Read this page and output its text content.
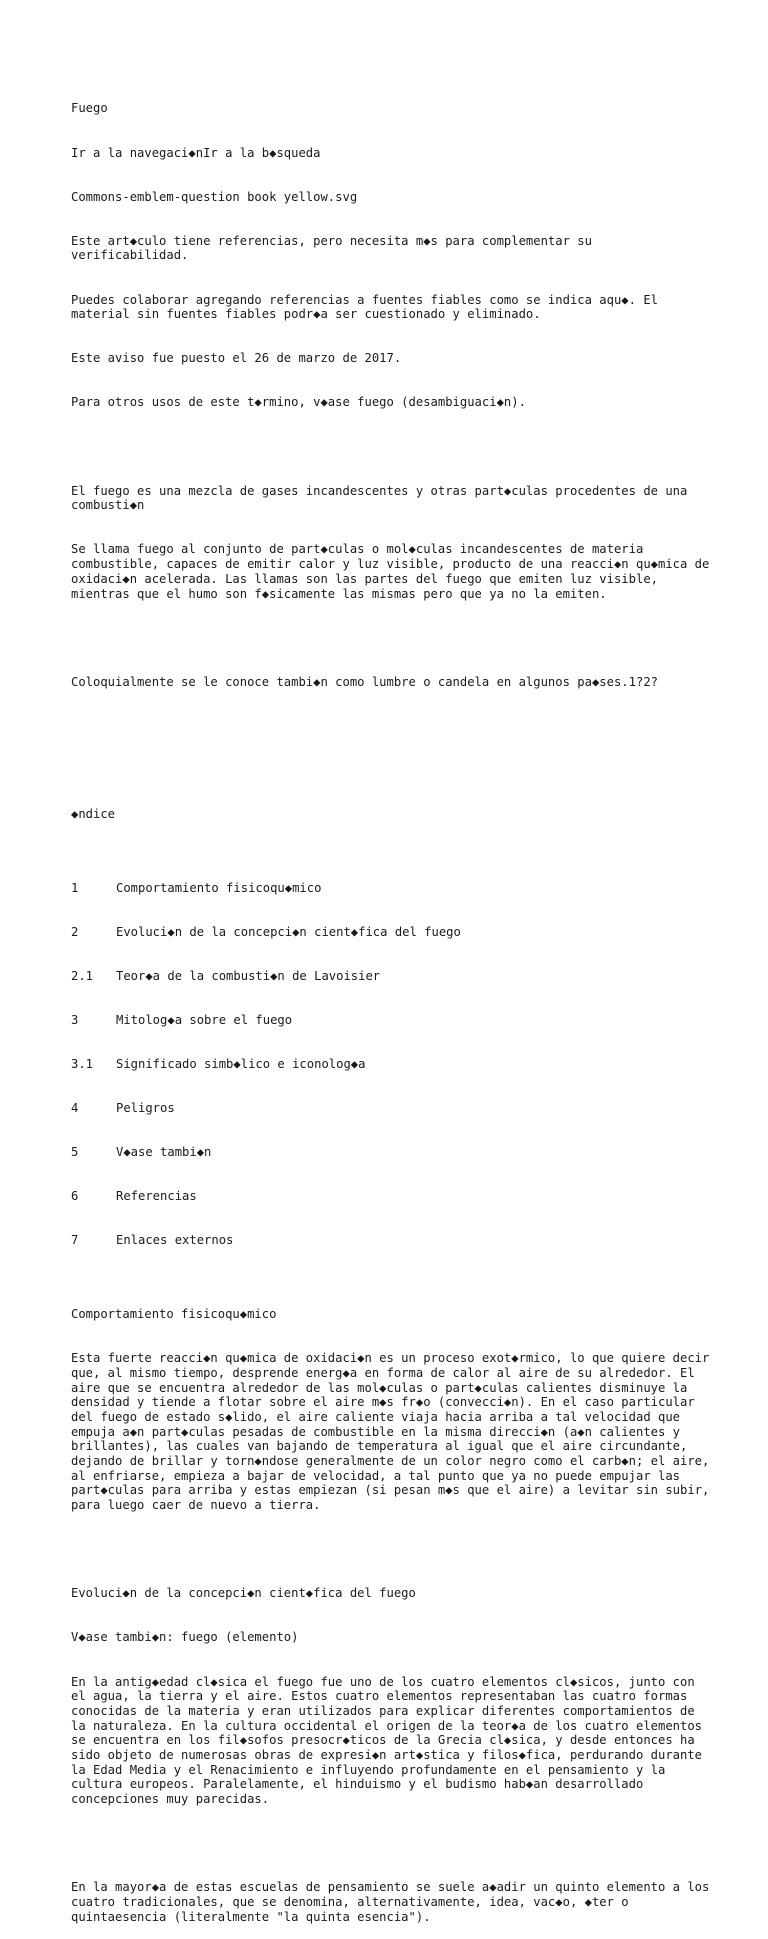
Fuego

Ir a la navegaci◆nIr a la b◆squeda

Commons-emblem-question book yellow.svg

Este art◆culo tiene referencias, pero necesita m◆s para complementar su verificabilidad.

Puedes colaborar agregando referencias a fuentes fiables como se indica aqu◆. El material sin fuentes fiables podr◆a ser cuestionado y eliminado.

Este aviso fue puesto el 26 de marzo de 2017.

Para otros usos de este t◆rmino, v◆ase fuego (desambiguaci◆n).

El fuego es una mezcla de gases incandescentes y otras part◆culas procedentes de una combusti◆n

Se llama fuego al conjunto de part◆culas o mol◆culas incandescentes de materia combustible, capaces de emitir calor y luz visible, producto de una reacci◆n qu◆mica de oxidaci◆n acelerada. Las llamas son las partes del fuego que emiten luz visible, mientras que el humo son f◆sicamente las mismas pero que ya no la emiten.

Coloquialmente se le conoce tambi◆n como lumbre o candela en algunos pa◆ses.1?2?

◆ndice

1	Comportamiento fisicoqu◆mico

2	Evoluci◆n de la concepci◆n cient◆fica del fuego

2.1 Teor◆a de la combusti◆n de Lavoisier

3	Mitolog◆a sobre el fuego

3.1 Significado simb◆lico e iconolog◆a

4	Peligros

5	V◆ase tambi◆n

6	Referencias

7	Enlaces externos

Comportamiento fisicoqu◆mico

Esta fuerte reacci◆n qu◆mica de oxidaci◆n es un proceso exot◆rmico, lo que quiere decir que, al mismo tiempo, desprende energ◆a en forma de calor al aire de su alrededor. El aire que se encuentra alrededor de las mol◆culas o part◆culas calientes disminuye la densidad y tiende a flotar sobre el aire m◆s fr◆o (convecci◆n). En el caso particular del fuego de estado s◆lido, el aire caliente viaja hacia arriba a tal velocidad que empuja a◆n part◆culas pesadas de combustible en la misma direcci◆n (a◆n calientes y brillantes), las cuales van bajando de temperatura al igual que el aire circundante, dejando de brillar y torn◆ndose generalmente de un color negro como el carb◆n; el aire, al enfriarse, empieza a bajar de velocidad, a tal punto que ya no puede empujar las part◆culas para arriba y estas empiezan (si pesan m◆s que el aire) a levitar sin subir, para luego caer de nuevo a tierra.

Evoluci◆n de la concepci◆n cient◆fica del fuego

V◆ase tambi◆n: fuego (elemento)

En la antig◆edad cl◆sica el fuego fue uno de los cuatro elementos cl◆sicos, junto con el agua, la tierra y el aire. Estos cuatro elementos representaban las cuatro formas conocidas de la materia y eran utilizados para explicar diferentes comportamientos de la naturaleza. En la cultura occidental el origen de la teor◆a de los cuatro elementos se encuentra en los fil◆sofos presocr◆ticos de la Grecia cl◆sica, y desde entonces ha sido objeto de numerosas obras de expresi◆n art◆stica y filos◆fica, perdurando durante la Edad Media y el Renacimiento e influyendo profundamente en el pensamiento y la cultura europeos. Paralelamente, el hinduismo y el budismo hab◆an desarrollado concepciones muy parecidas.

En la mayor◆a de estas escuelas de pensamiento se suele a◆adir un quinto elemento a los cuatro tradicionales, que se denomina, alternativamente, idea, vac◆o, ◆ter o quintaesencia (literalmente "la quinta esencia").
